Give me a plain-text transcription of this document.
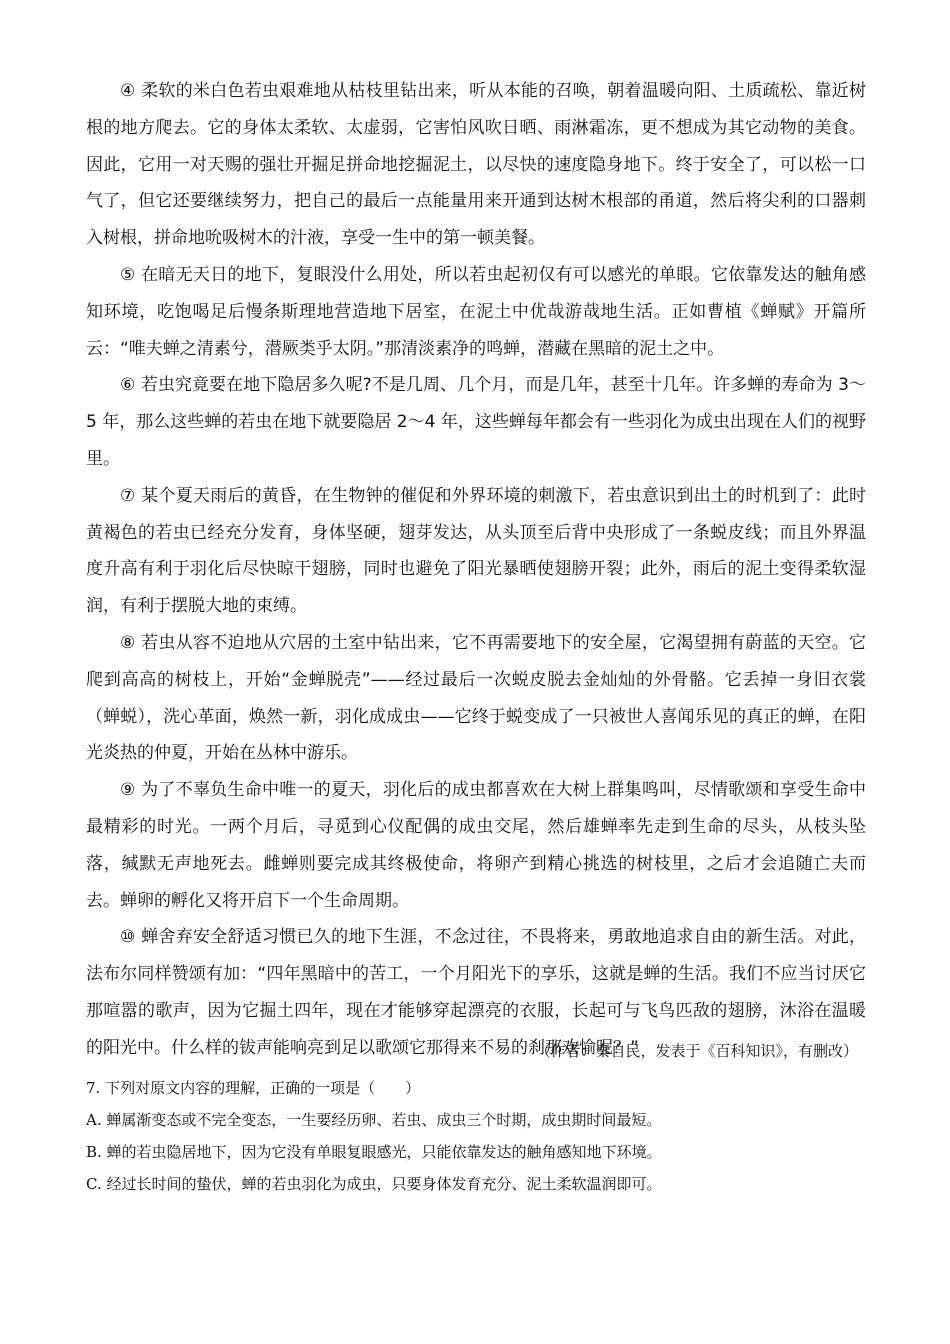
④ 柔软的米白色若虫艰难地从枯枝里钻出来，听从本能的召唤，朝着温暖向阳、土质疏松、靠近树根的地方爬去。它的身体太柔软、太虚弱，它害怕风吹日晒、雨淋霜冻，更不想成为其它动物的美食。因此，它用一对天赐的强壮开掘足拼命地挖掘泥土，以尽快的速度隐身地下。终于安全了，可以松一口气了，但它还要继续努力，把自己的最后一点能量用来开通到达树木根部的甬道，然后将尖利的口器刺入树根，拼命地吮吸树木的汁液，享受一生中的第一顿美餐。

⑤ 在暗无天日的地下，复眼没什么用处，所以若虫起初仅有可以感光的单眼。它依靠发达的触角感知环境，吃饱喝足后慢条斯理地营造地下居室，在泥土中优哉游哉地生活。正如曹植《蝉赋》开篇所云：“唯夫蝉之清素兮，潜厥类乎太阴。”那清淡素净的鸣蝉，潜藏在黑暗的泥土之中。

⑥ 若虫究竟要在地下隐居多久呢?不是几周、几个月，而是几年，甚至十几年。许多蝉的寿命为 3～5 年，那么这些蝉的若虫在地下就要隐居 2～4 年，这些蝉每年都会有一些羽化为成虫出现在人们的视野里。

⑦ 某个夏天雨后的黄昏，在生物钟的催促和外界环境的刺激下，若虫意识到出土的时机到了：此时黄褐色的若虫已经充分发育，身体坚硬，翅芽发达，从头顶至后背中央形成了一条蜕皮线；而且外界温度升高有利于羽化后尽快晾干翅膀，同时也避免了阳光暴晒使翅膀开裂；此外，雨后的泥土变得柔软湿润，有利于摆脱大地的束缚。

⑧ 若虫从容不迫地从穴居的土室中钻出来，它不再需要地下的安全屋，它渴望拥有蔚蓝的天空。它爬到高高的树枝上，开始“金蝉脱壳”——经过最后一次蜕皮脱去金灿灿的外骨骼。它丢掉一身旧衣裳（蝉蜕），洗心革面，焕然一新，羽化成成虫——它终于蜕变成了一只被世人喜闻乐见的真正的蝉，在阳光炎热的仲夏，开始在丛林中游乐。

⑨ 为了不辜负生命中唯一的夏天，羽化后的成虫都喜欢在大树上群集鸣叫，尽情歌颂和享受生命中最精彩的时光。一两个月后，寻觅到心仪配偶的成虫交尾，然后雄蝉率先走到生命的尽头，从枝头坠落，缄默无声地死去。雌蝉则要完成其终极使命，将卵产到精心挑选的树枝里，之后才会追随亡夫而去。蝉卵的孵化又将开启下一个生命周期。

⑩ 蝉舍弃安全舒适习惯已久的地下生涯，不念过往，不畏将来，勇敢地追求自由的新生活。对此，法布尔同样赞颂有加：“四年黑暗中的苦工，一个月阳光下的享乐，这就是蝉的生活。我们不应当讨厌它那喧嚣的歌声，因为它掘土四年，现在才能够穿起漂亮的衣服，长起可与飞鸟匹敌的翅膀，沐浴在温暖的阳光中。什么样的钹声能响亮到足以歌颂它那得来不易的刹那欢愉呢？”

（作者：秦自民，发表于《百科知识》，有删改）
7. 下列对原文内容的理解，正确的一项是（　　）
A. 蝉属渐变态或不完全变态，一生要经历卵、若虫、成虫三个时期，成虫期时间最短。
B. 蝉的若虫隐居地下，因为它没有单眼复眼感光，只能依靠发达的触角感知地下环境。
C. 经过长时间的蛰伏，蝉的若虫羽化为成虫，只要身体发育充分、泥土柔软温润即可。
